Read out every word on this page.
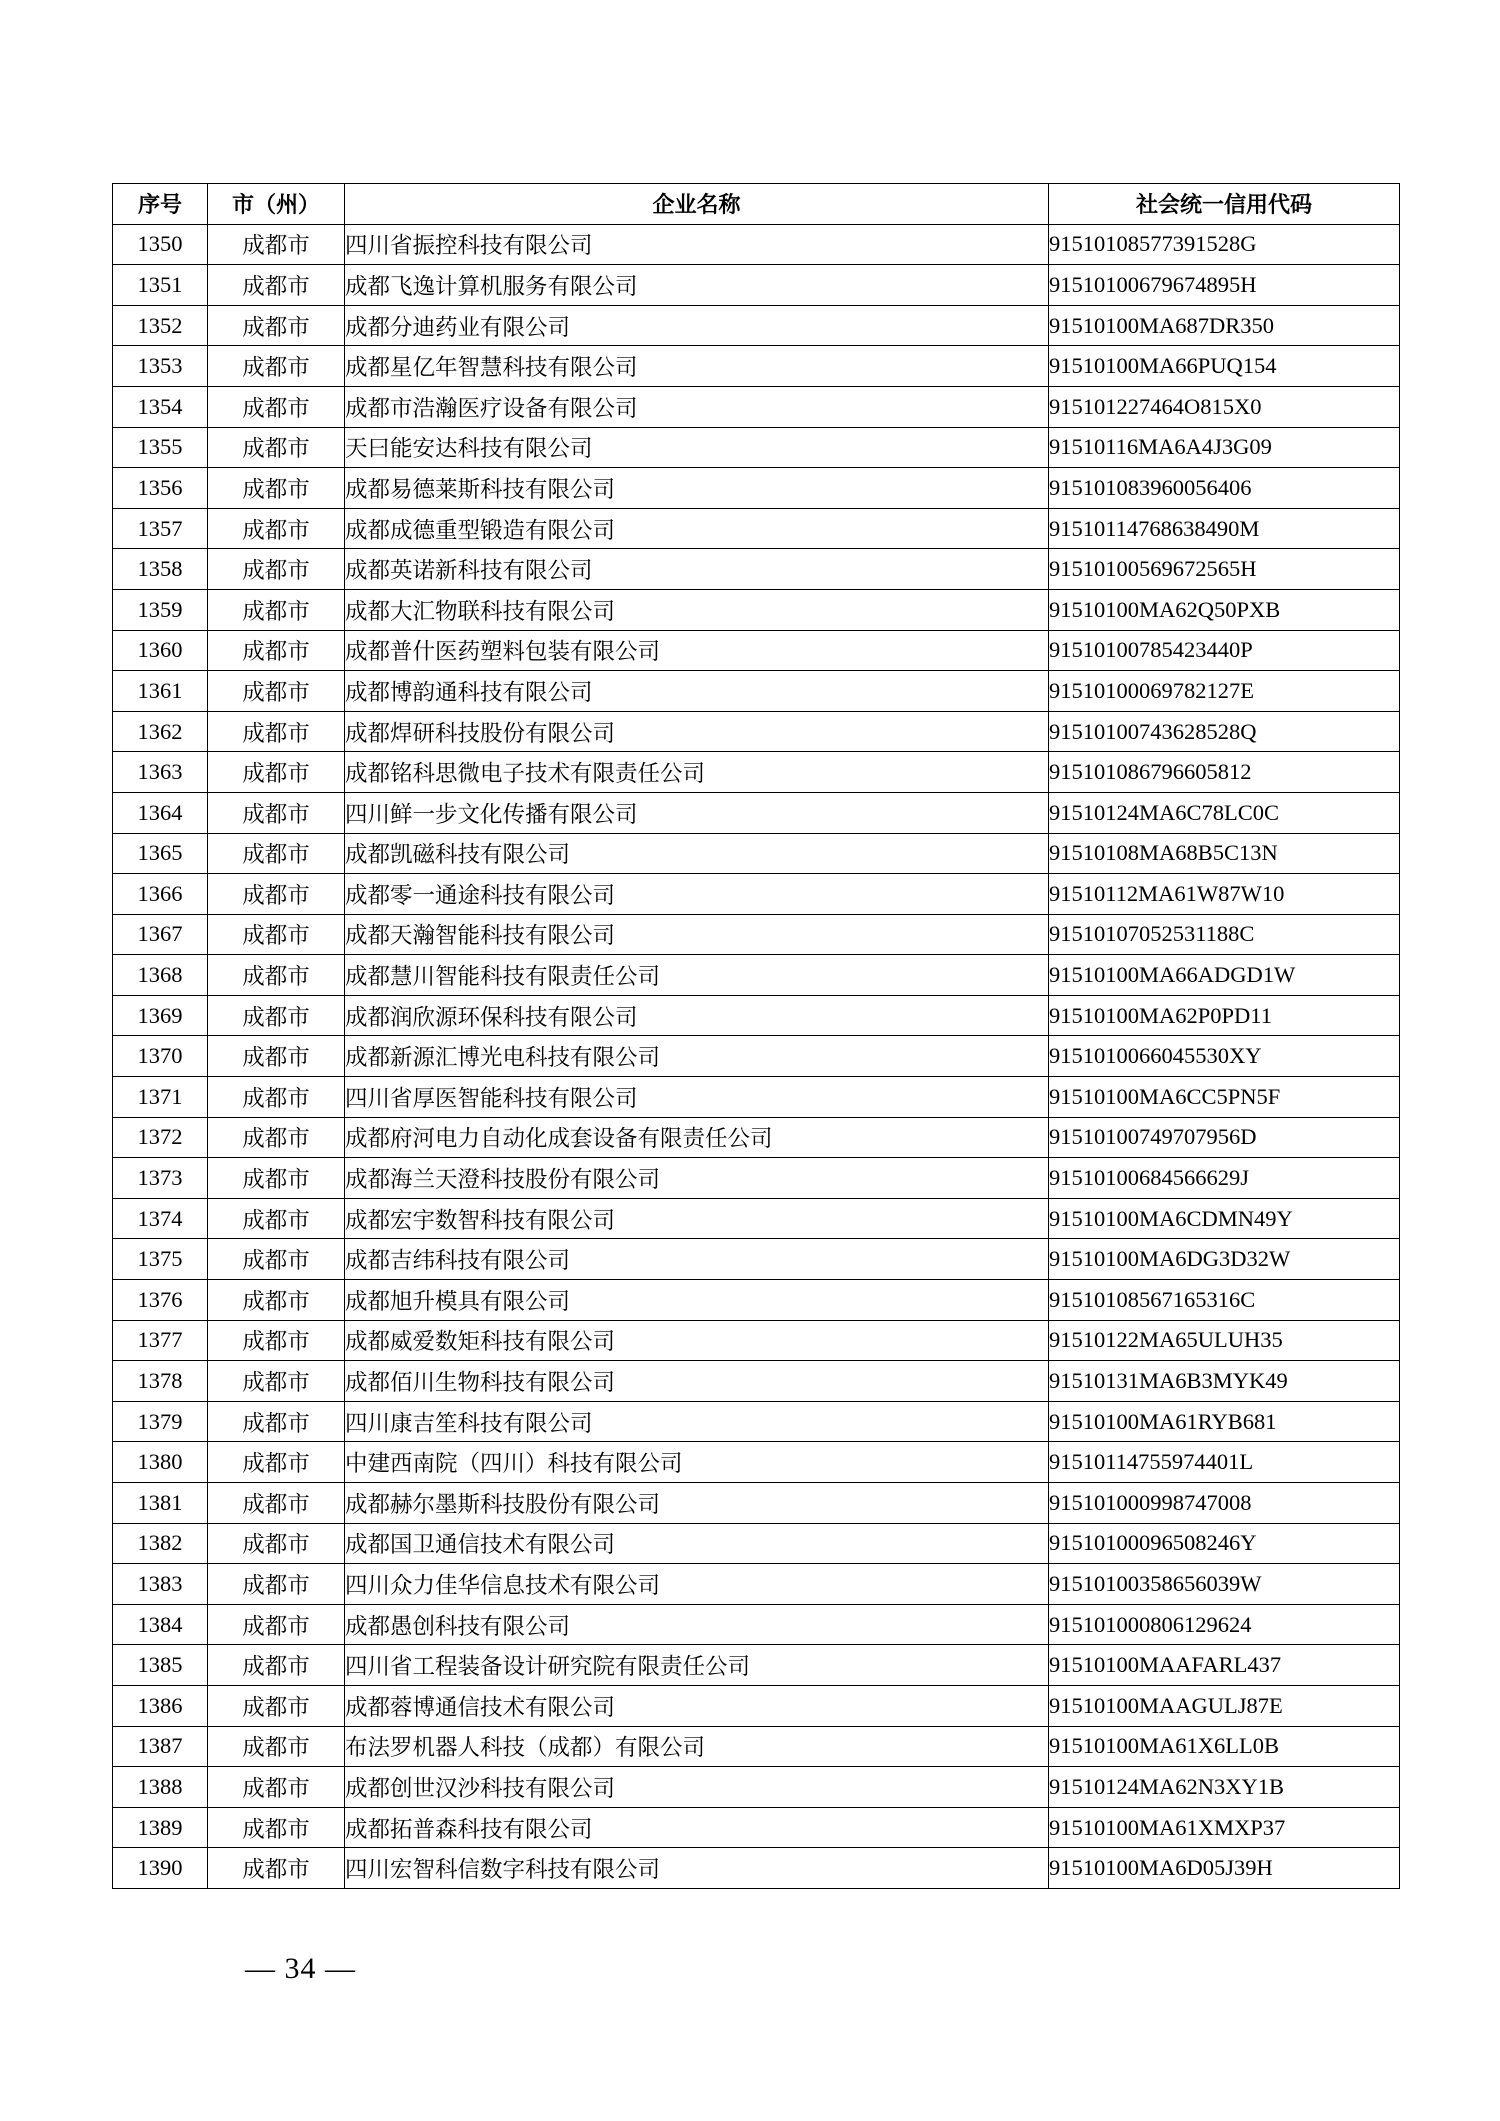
序号	市（州）	企业名称	社会统一信用代码
1350	成都市	四川省振控科技有限公司	91510108577391528G
1351	成都市	成都飞逸计算机服务有限公司	91510100679674895H
1352	成都市	成都分迪药业有限公司	91510100MA687DR350
1353	成都市	成都星亿年智慧科技有限公司	91510100MA66PUQ154
1354	成都市	成都市浩瀚医疗设备有限公司	915101227464O815X0
1355	成都市	天曰能安达科技有限公司	91510116MA6A4J3G09
1356	成都市	成都易德莱斯科技有限公司	915101083960056406
1357	成都市	成都成德重型锻造有限公司	91510114768638490M
1358	成都市	成都英诺新科技有限公司	91510100569672565H
1359	成都市	成都大汇物联科技有限公司	91510100MA62Q50PXB
1360	成都市	成都普什医药塑料包装有限公司	91510100785423440P
1361	成都市	成都博韵通科技有限公司	91510100069782127E
1362	成都市	成都焊研科技股份有限公司	91510100743628528Q
1363	成都市	成都铭科思微电子技术有限责任公司	915101086796605812
1364	成都市	四川鲜一步文化传播有限公司	91510124MA6C78LC0C
1365	成都市	成都凯磁科技有限公司	91510108MA68B5C13N
1366	成都市	成都零一通途科技有限公司	91510112MA61W87W10
1367	成都市	成都天瀚智能科技有限公司	91510107052531188C
1368	成都市	成都慧川智能科技有限责任公司	91510100MA66ADGD1W
1369	成都市	成都润欣源环保科技有限公司	91510100MA62P0PD11
1370	成都市	成都新源汇博光电科技有限公司	9151010066045530XY
1371	成都市	四川省厚医智能科技有限公司	91510100MA6CC5PN5F
1372	成都市	成都府河电力自动化成套设备有限责任公司	91510100749707956D
1373	成都市	成都海兰天澄科技股份有限公司	91510100684566629J
1374	成都市	成都宏宇数智科技有限公司	91510100MA6CDMN49Y
1375	成都市	成都吉纬科技有限公司	91510100MA6DG3D32W
1376	成都市	成都旭升模具有限公司	91510108567165316C
1377	成都市	成都威爱数矩科技有限公司	91510122MA65ULUH35
1378	成都市	成都佰川生物科技有限公司	91510131MA6B3MYK49
1379	成都市	四川康吉笙科技有限公司	91510100MA61RYB681
1380	成都市	中建西南院（四川）科技有限公司	91510114755974401L
1381	成都市	成都赫尔墨斯科技股份有限公司	915101000998747008
1382	成都市	成都国卫通信技术有限公司	91510100096508246Y
1383	成都市	四川众力佳华信息技术有限公司	91510100358656039W
1384	成都市	成都愚创科技有限公司	915101000806129624
1385	成都市	四川省工程装备设计研究院有限责任公司	91510100MAAFARL437
1386	成都市	成都蓉博通信技术有限公司	91510100MAAGULJ87E
1387	成都市	布法罗机器人科技（成都）有限公司	91510100MA61X6LL0B
1388	成都市	成都创世汉沙科技有限公司	91510124MA62N3XY1B
1389	成都市	成都拓普森科技有限公司	91510100MA61XMXP37
1390	成都市	四川宏智科信数字科技有限公司	91510100MA6D05J39H
— 34 —
